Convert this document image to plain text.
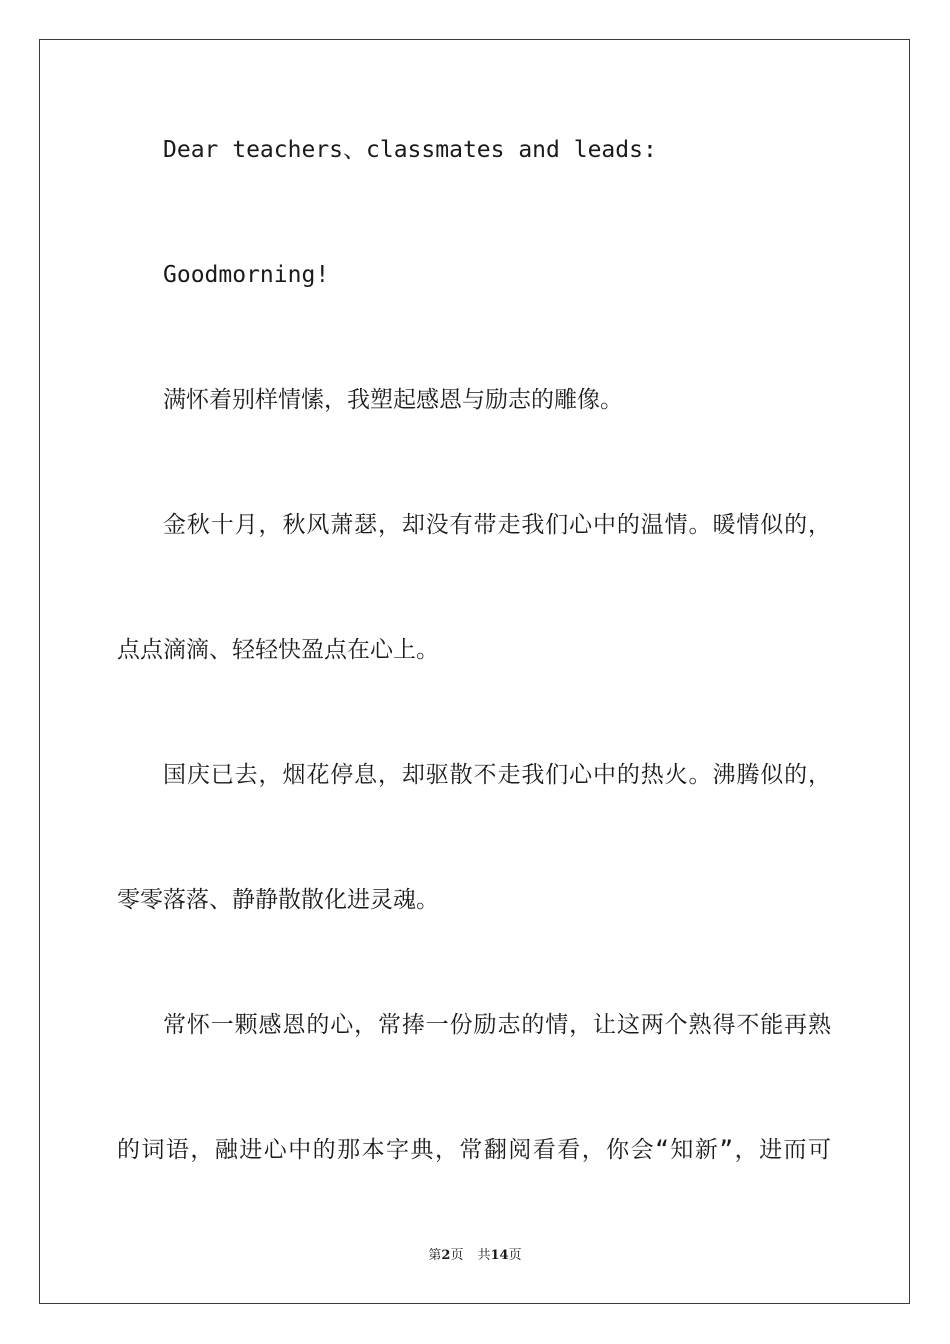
Dear teachers、classmates and leads:
Goodmorning!
满怀着别样情愫，我塑起感恩与励志的雕像。
金秋十月，秋风萧瑟，却没有带走我们心中的温情。暖情似的，
点点滴滴、轻轻快盈点在心上。
国庆已去，烟花停息，却驱散不走我们心中的热火。沸腾似的，
零零落落、静静散散化进灵魂。
常怀一颗感恩的心，常捧一份励志的情，让这两个熟得不能再熟
的词语，融进心中的那本字典，常翻阅看看，你会“知新”，进而可
第2页 共14页
